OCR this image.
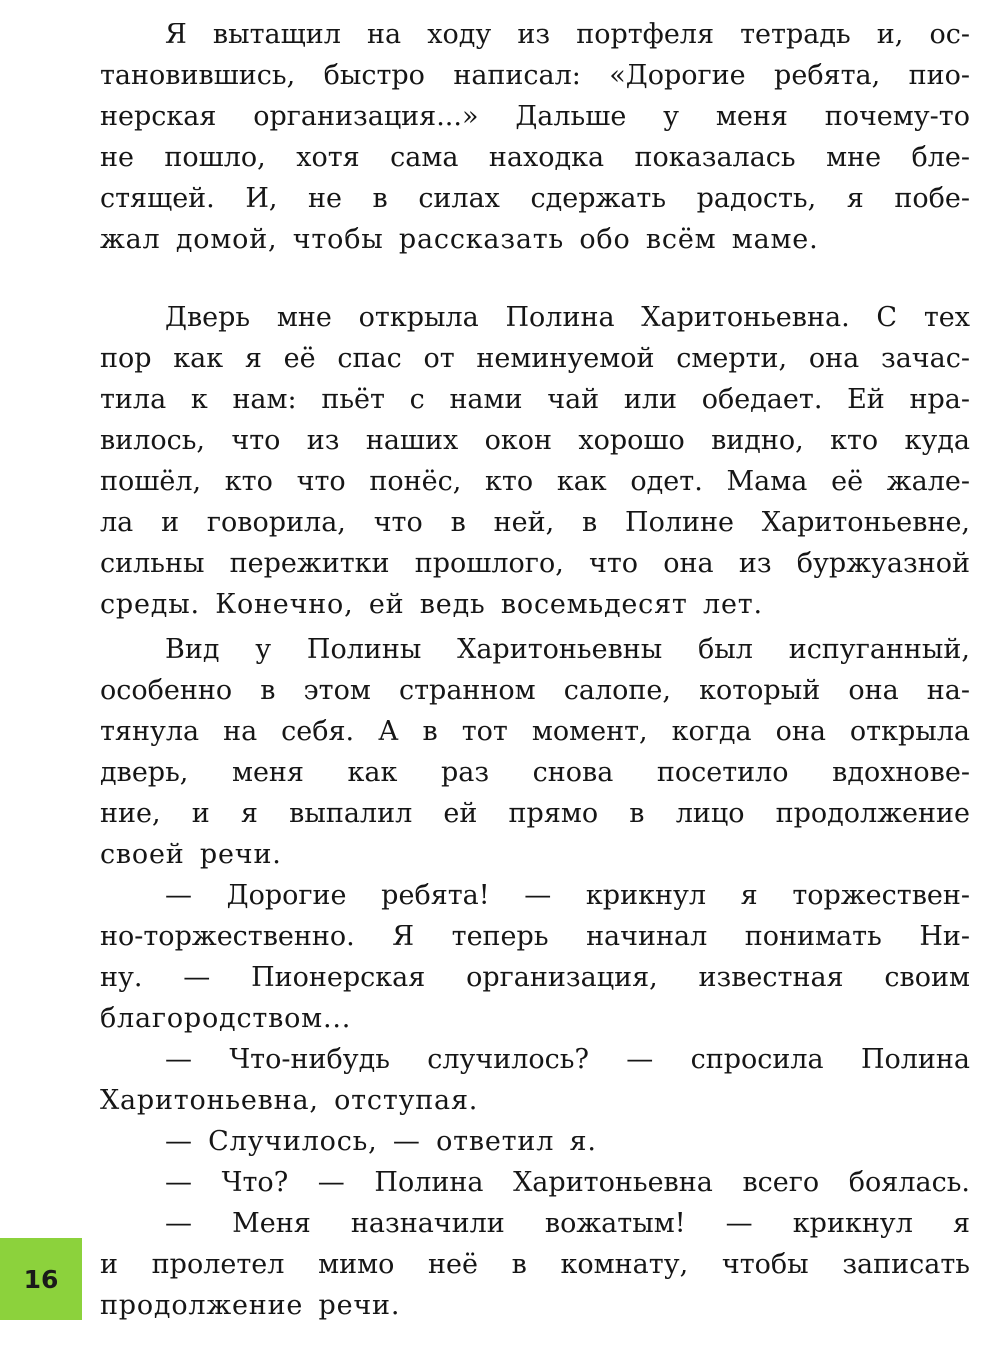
Я вытащил на ходу из портфеля тетрадь и, ос-
тановившись, быстро написал: «Дорогие ребята, пио-
нерская организация...» Дальше у меня почему-то
не пошло, хотя сама находка показалась мне бле-
стящей. И, не в силах сдержать радость, я побе-
жал домой, чтобы рассказать обо всём маме.
Дверь мне открыла Полина Харитоньевна. С тех
пор как я её спас от неминуемой смерти, она зачас-
тила к нам: пьёт с нами чай или обедает. Ей нра-
вилось, что из наших окон хорошо видно, кто куда
пошёл, кто что понёс, кто как одет. Мама её жале-
ла и говорила, что в ней, в Полине Харитоньевне,
сильны пережитки прошлого, что она из буржуазной
среды. Конечно, ей ведь восемьдесят лет.
Вид у Полины Харитоньевны был испуганный,
особенно в этом странном салопе, который она на-
тянула на себя. А в тот момент, когда она открыла
дверь, меня как раз снова посетило вдохнове-
ние, и я выпалил ей прямо в лицо продолжение
своей речи.
— Дорогие ребята! — крикнул я торжествен-
но-торжественно. Я теперь начинал понимать Ни-
ну. — Пионерская организация, известная своим
благородством...
— Что-нибудь случилось? — спросила Полина
Харитоньевна, отступая.
— Случилось, — ответил я.
— Что? — Полина Харитоньевна всего боялась.
— Меня назначили вожатым! — крикнул я
и пролетел мимо неё в комнату, чтобы записать
продолжение речи.
16
